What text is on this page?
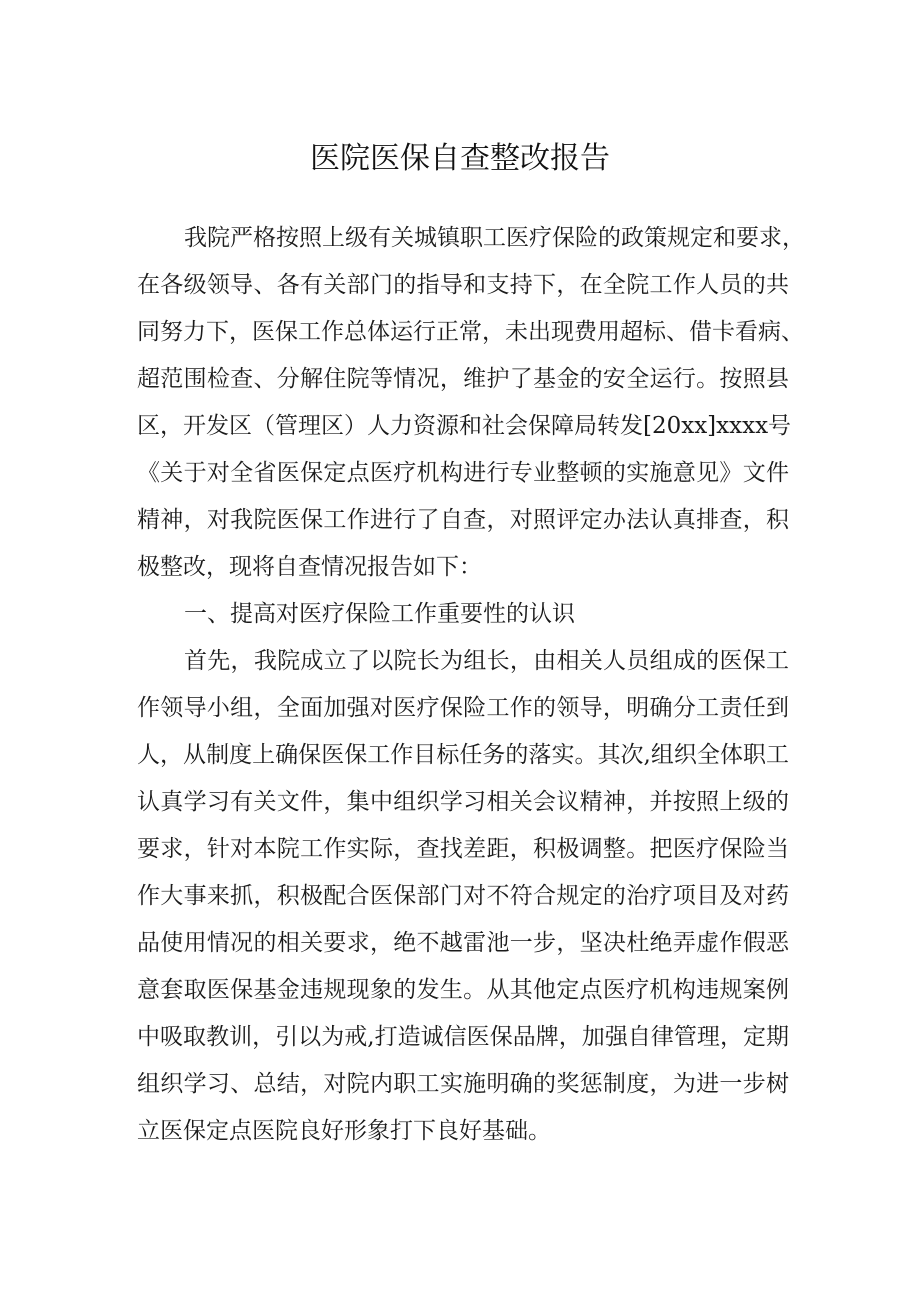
医院医保自查整改报告
我院严格按照上级有关城镇职工医疗保险的政策规定和要求，
在各级领导、各有关部门的指导和支持下，在全院工作人员的共
同努力下，医保工作总体运行正常，未出现费用超标、借卡看病、
超范围检查、分解住院等情况，维护了基金的安全运行。按照县
区，开发区（管理区）人力资源和社会保障局转发[20xx]xxxx号
《关于对全省医保定点医疗机构进行专业整顿的实施意见》文件
精神，对我院医保工作进行了自查，对照评定办法认真排查，积
极整改，现将自查情况报告如下：
一、提高对医疗保险工作重要性的认识
首先，我院成立了以院长为组长，由相关人员组成的医保工
作领导小组，全面加强对医疗保险工作的领导，明确分工责任到
人，从制度上确保医保工作目标任务的落实。其次,组织全体职工
认真学习有关文件，集中组织学习相关会议精神，并按照上级的
要求，针对本院工作实际，查找差距，积极调整。把医疗保险当
作大事来抓，积极配合医保部门对不符合规定的治疗项目及对药
品使用情况的相关要求，绝不越雷池一步，坚决杜绝弄虚作假恶
意套取医保基金违规现象的发生。从其他定点医疗机构违规案例
中吸取教训，引以为戒,打造诚信医保品牌，加强自律管理，定期
组织学习、总结，对院内职工实施明确的奖惩制度，为进一步树
立医保定点医院良好形象打下良好基础。
